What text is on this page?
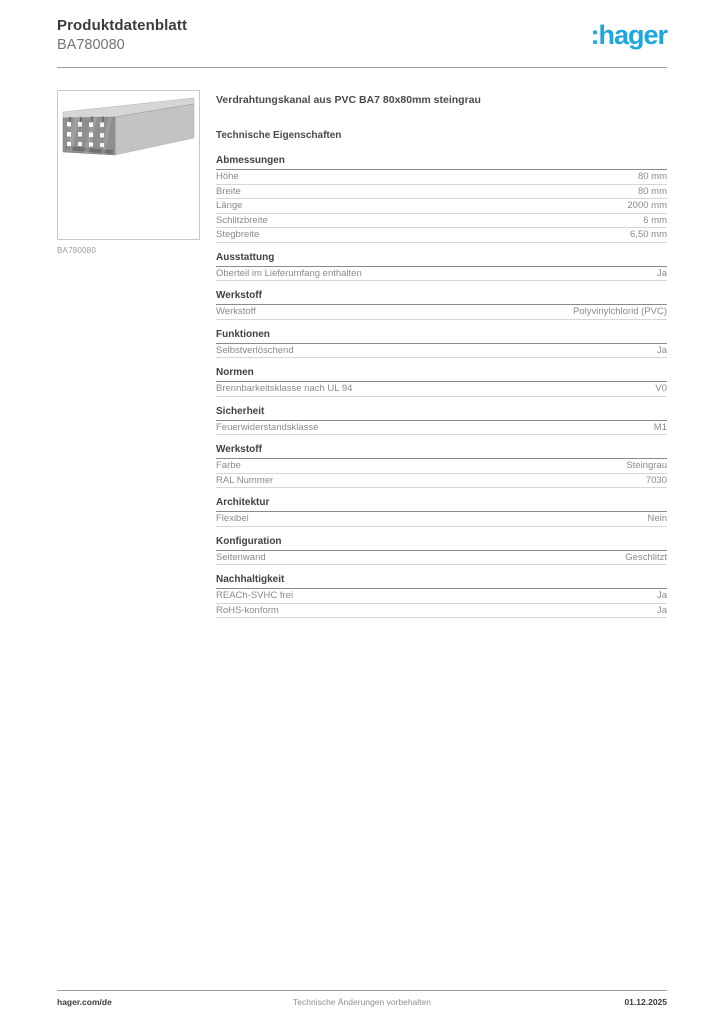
Produktdatenblatt
BA780080	:hager
BA780080
Verdrahtungskanal aus PVC BA7 80x80mm steingrau
Technische Eigenschaften
Abmessungen
Höhe	80 mm
Breite	80 mm
Länge	2000 mm
Schlitzbreite	6 mm
Stegbreite	6,50 mm
Ausstattung
Oberteil im Lieferumfang enthalten	Ja
Werkstoff
Werkstoff	Polyvinylchlorid (PVC)
Funktionen
Selbstverlöschend	Ja
Normen
Brennbarkeitsklasse nach UL 94	V0
Sicherheit
Feuerwiderstandsklasse	M1
Werkstoff
Farbe	Steingrau
RAL Nummer	7030
Architektur
Flexibel	Nein
Konfiguration
Seitenwand	Geschlitzt
Nachhaltigkeit
REACh-SVHC frei	Ja
RoHS-konform	Ja
hager.com/de	Technische Änderungen vorbehalten	01.12.2025
